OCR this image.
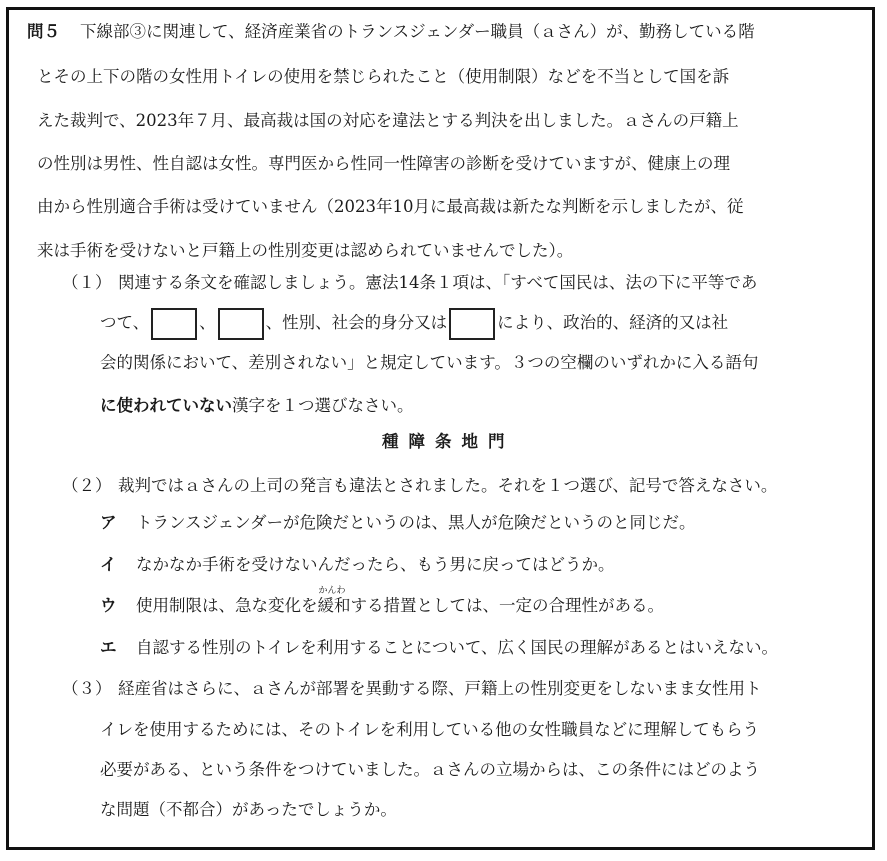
問５ 下線部③に関連して、経済産業省のトランスジェンダー職員（ａさん）が、勤務している階
とその上下の階の女性用トイレの使用を禁じられたこと（使用制限）などを不当として国を訴
えた裁判で、2023年７月、最高裁は国の対応を違法とする判決を出しました。ａさんの戸籍上
の性別は男性、性自認は女性。専門医から性同一性障害の診断を受けていますが、健康上の理
由から性別適合手術は受けていません（2023年10月に最高裁は新たな判断を示しましたが、従
来は手術を受けないと戸籍上の性別変更は認められていませんでした）。
（１） 関連する条文を確認しましょう。憲法14条１項は、「すべて国民は、法の下に平等であ
つて、	、	、性別、社会的身分又は	により、政治的、経済的又は社
会的関係において、差別されない」と規定しています。３つの空欄のいずれかに入る語句
に使われていない漢字を１つ選びなさい。
種障条地門
（２） 裁判ではａさんの上司の発言も違法とされました。それを１つ選び、記号で答えなさい。
ア トランスジェンダーが危険だというのは、黒人が危険だというのと同じだ。
イ なかなか手術を受けないんだったら、もう男に戻ってはどうか。
ウ 使用制限は、急な変化を
かんわ
緩和する措置としては、一定の合理性がある。
エ 自認する性別のトイレを利用することについて、広く国民の理解があるとはいえない。
（３） 経産省はさらに、ａさんが部署を異動する際、戸籍上の性別変更をしないまま女性用ト
イレを使用するためには、そのトイレを利用している他の女性職員などに理解してもらう
必要がある、という条件をつけていました。ａさんの立場からは、この条件にはどのよう
な問題（不都合）があったでしょうか。
